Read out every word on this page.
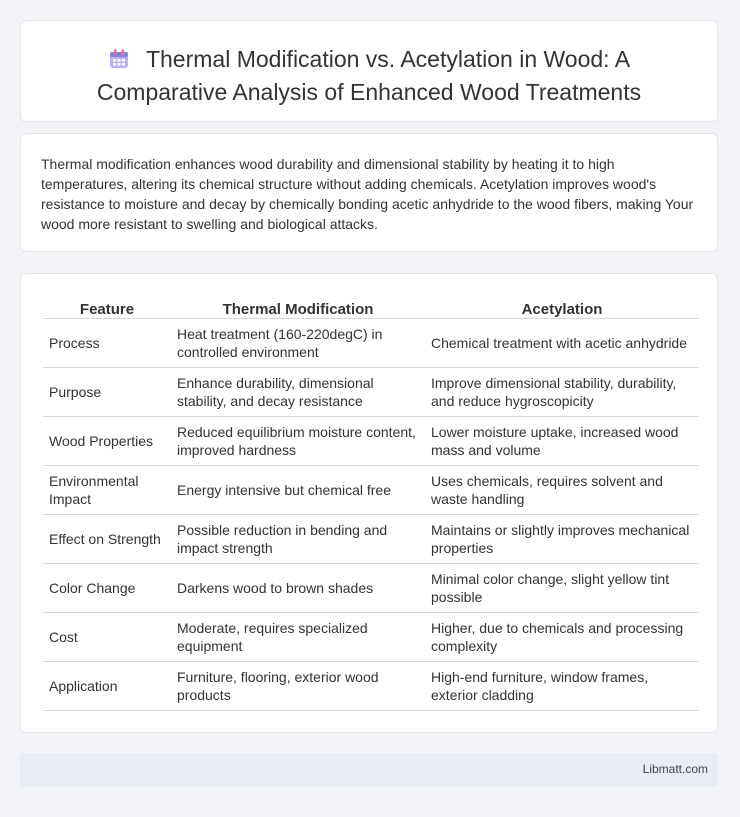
Thermal Modification vs. Acetylation in Wood: A Comparative Analysis of Enhanced Wood Treatments

Thermal modification enhances wood durability and dimensional stability by heating it to high temperatures, altering its chemical structure without adding chemicals. Acetylation improves wood's resistance to moisture and decay by chemically bonding acetic anhydride to the wood fibers, making Your wood more resistant to swelling and biological attacks.

Feature	Thermal Modification	Acetylation
Process	Heat treatment (160-220degC) in controlled environment	Chemical treatment with acetic anhydride
Purpose	Enhance durability, dimensional stability, and decay resistance	Improve dimensional stability, durability, and reduce hygroscopicity
Wood Properties	Reduced equilibrium moisture content, improved hardness	Lower moisture uptake, increased wood mass and volume
Environmental Impact	Energy intensive but chemical free	Uses chemicals, requires solvent and waste handling
Effect on Strength	Possible reduction in bending and impact strength	Maintains or slightly improves mechanical properties
Color Change	Darkens wood to brown shades	Minimal color change, slight yellow tint possible
Cost	Moderate, requires specialized equipment	Higher, due to chemicals and processing complexity
Application	Furniture, flooring, exterior wood products	High-end furniture, window frames, exterior cladding
Libmatt.com
